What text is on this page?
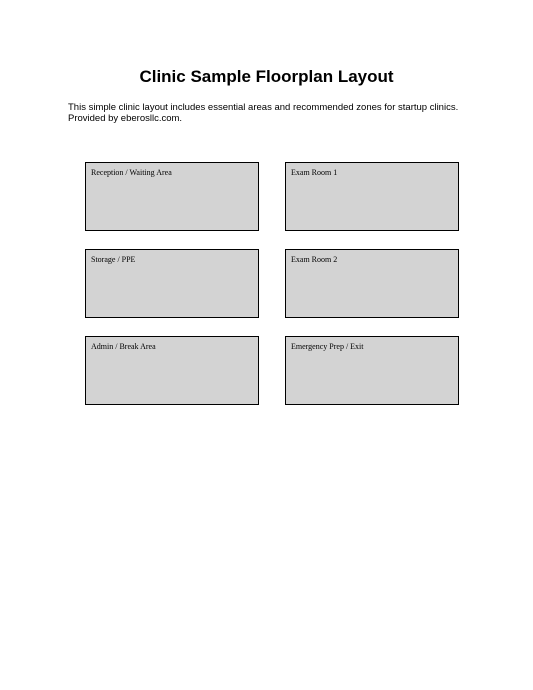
Clinic Sample Floorplan Layout

This simple clinic layout includes essential areas and recommended zones for startup clinics. Provided by eberosllc.com.

Reception / Waiting Area	Exam Room 1
Storage / PPE	Exam Room 2
Admin / Break Area	Emergency Prep / Exit
